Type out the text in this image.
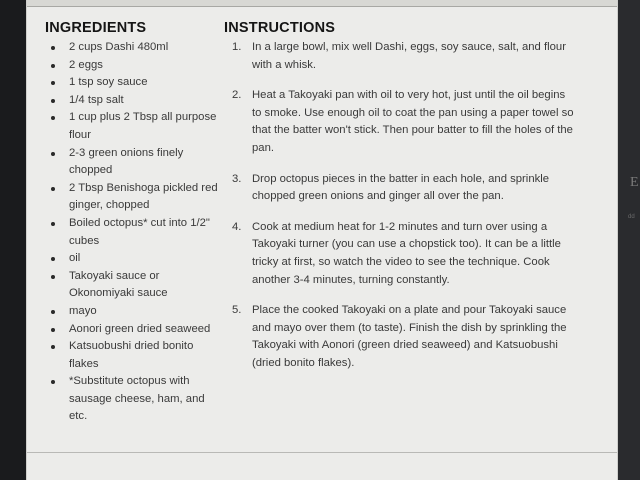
E
dd
INGREDIENTS
2 cups Dashi 480ml
2 eggs
1 tsp soy sauce
1/4 tsp salt
1 cup plus 2 Tbsp all purpose flour
2-3 green onions finely chopped
2 Tbsp Benishoga pickled red ginger, chopped
Boiled octopus* cut into 1/2" cubes
oil
Takoyaki sauce or Okonomiyaki sauce
mayo
Aonori green dried seaweed
Katsuobushi dried bonito flakes
*Substitute octopus with sausage cheese, ham, and etc.
INSTRUCTIONS
1. In a large bowl, mix well Dashi, eggs, soy sauce, salt, and flour with a whisk.
2. Heat a Takoyaki pan with oil to very hot, just until the oil begins to smoke. Use enough oil to coat the pan using a paper towel so that the batter won't stick. Then pour batter to fill the holes of the pan.
3. Drop octopus pieces in the batter in each hole, and sprinkle chopped green onions and ginger all over the pan.
4. Cook at medium heat for 1-2 minutes and turn over using a Takoyaki turner (you can use a chopstick too). It can be a little tricky at first, so watch the video to see the technique. Cook another 3-4 minutes, turning constantly.
5. Place the cooked Takoyaki on a plate and pour Takoyaki sauce and mayo over them (to taste). Finish the dish by sprinkling the Takoyaki with Aonori (green dried seaweed) and Katsuobushi (dried bonito flakes).
